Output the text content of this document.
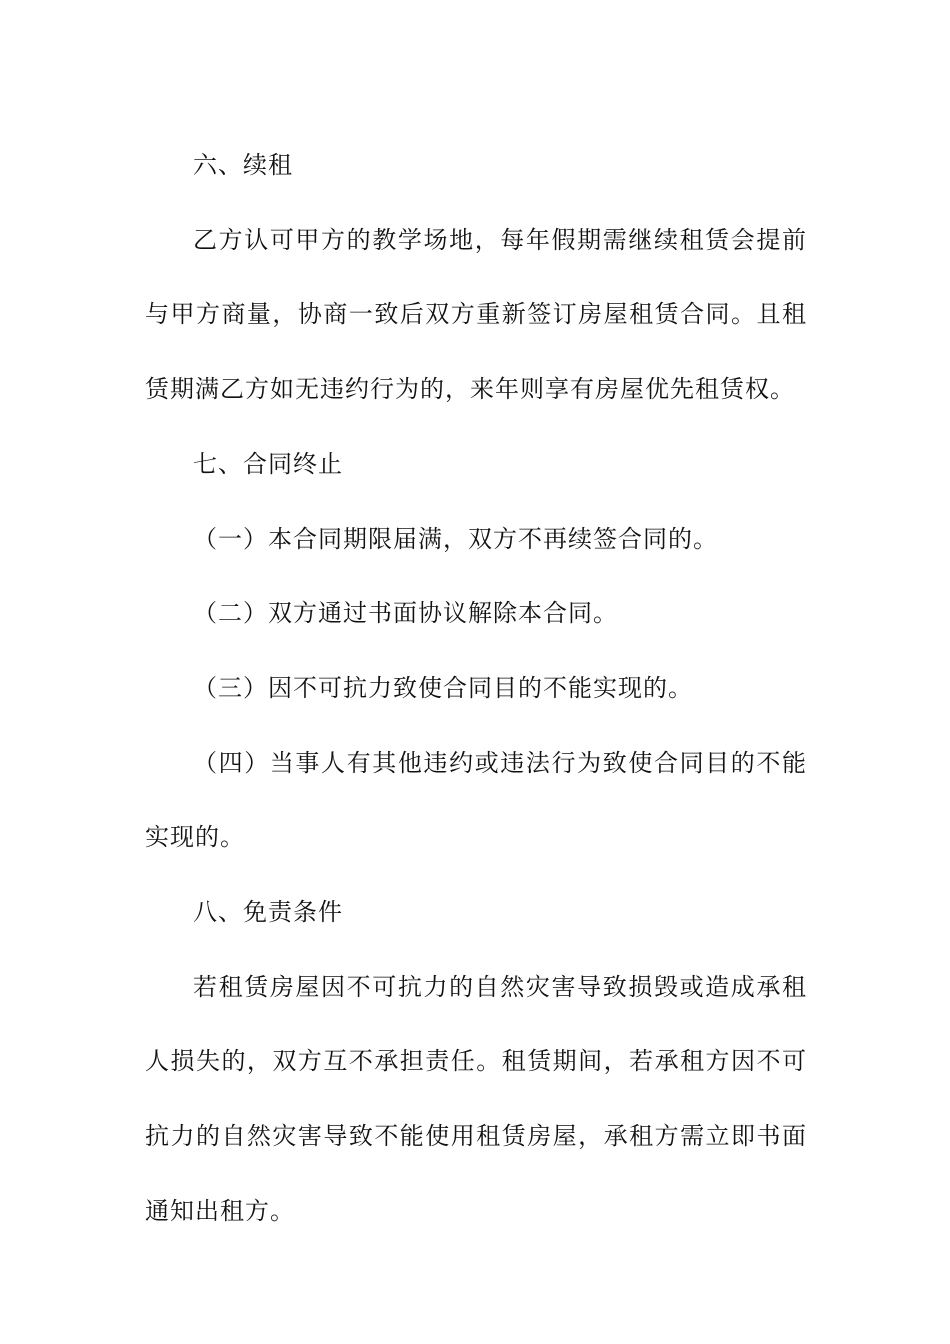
六、续租

乙方认可甲方的教学场地，每年假期需继续租赁会提前与甲方商量，协商一致后双方重新签订房屋租赁合同。且租赁期满乙方如无违约行为的，来年则享有房屋优先租赁权。

七、合同终止

（一）本合同期限届满，双方不再续签合同的。

（二）双方通过书面协议解除本合同。

（三）因不可抗力致使合同目的不能实现的。

（四）当事人有其他违约或违法行为致使合同目的不能实现的。

八、免责条件

若租赁房屋因不可抗力的自然灾害导致损毁或造成承租人损失的，双方互不承担责任。租赁期间，若承租方因不可抗力的自然灾害导致不能使用租赁房屋，承租方需立即书面通知出租方。
